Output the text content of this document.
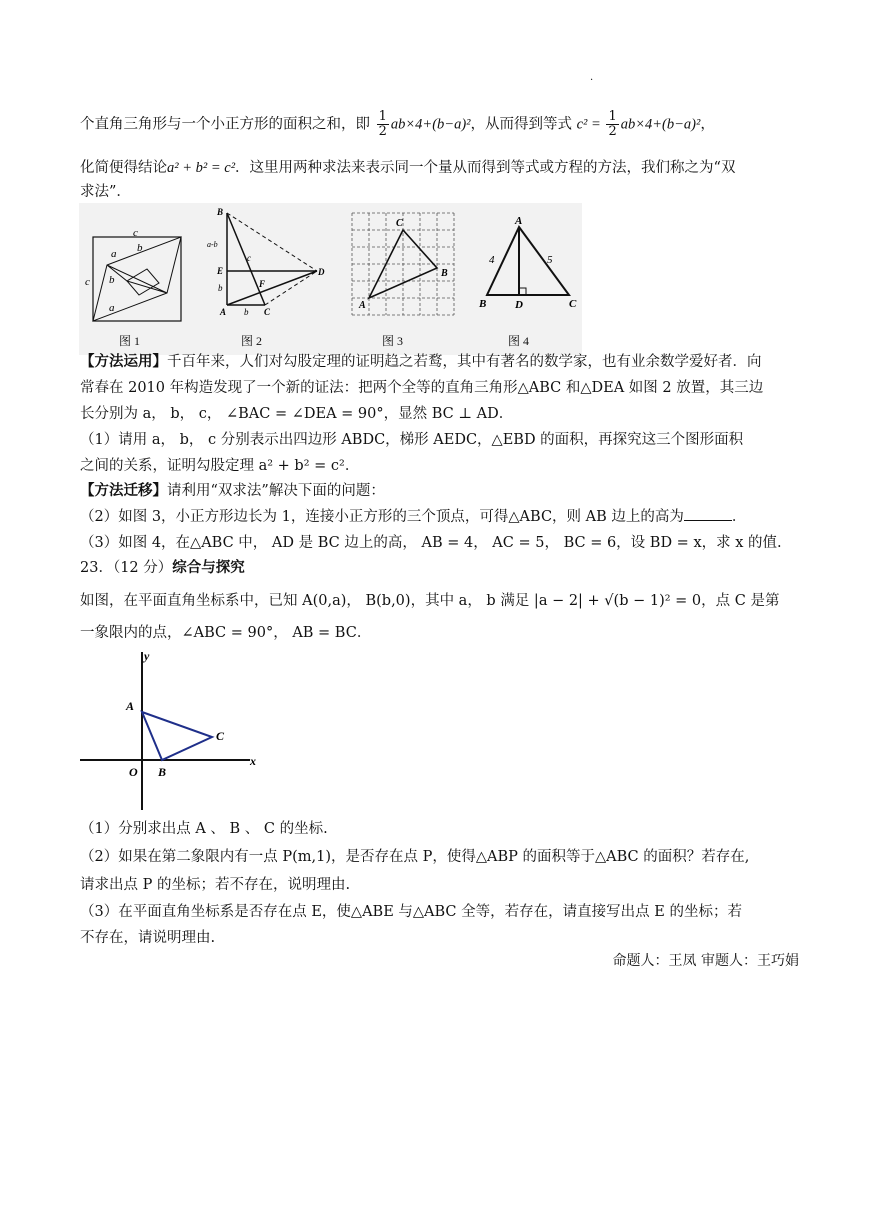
.
个直角三角形与一个小正方形的面积之和，即 $\frac{1}{2} ab\times 4+(b-a)^2$，从而得到等式 $c^2 = \frac{1}{2} ab\times 4+(b-a)^2$，
化简便得结论a² + b² = c²．这里用两种求法来表示同一个量从而得到等式或方程的方法，我们称之为“双
求法”．
c
a b
b
c
a
B
a-b
c
E
b	F
D
A b C
C
B
A
A
4	5
B	D	C
图 1	图 2	图 3	图 4
【方法运用】千百年来，人们对勾股定理的证明趋之若鹜，其中有著名的数学家，也有业余数学爱好者．向
常春在 2010 年构造发现了一个新的证法：把两个全等的直角三角形△ABC 和△DEA 如图 2 放置，其三边
长分别为 a， b， c， ∠BAC = ∠DEA = 90°，显然 BC ⊥ AD．
（1）请用 a， b， c 分别表示出四边形 ABDC，梯形 AEDC，△EBD 的面积，再探究这三个图形面积
之间的关系，证明勾股定理 a² + b² = c²．
【方法迁移】请利用“双求法”解决下面的问题：
（2）如图 3，小正方形边长为 1，连接小正方形的三个顶点，可得△ABC，则 AB 边上的高为	．
（3）如图 4，在△ABC 中， AD 是 BC 边上的高， AB = 4， AC = 5， BC = 6，设 BD = x，求 x 的值.
23．（12 分）综合与探究
如图，在平面直角坐标系中，已知 A(0,a)， B(b,0)，其中 a， b 满足 |a − 2| + √(b − 1)² = 0，点 C 是第
一象限内的点，∠ABC = 90°， AB = BC．
y
A
C
O B
x
（1）分别求出点 A 、 B 、 C 的坐标.
（2）如果在第二象限内有一点 P(m,1)，是否存在点 P，使得△ABP 的面积等于△ABC 的面积？若存在,
请求出点 P 的坐标；若不存在，说明理由.
（3）在平面直角坐标系是否存在点 E，使△ABE 与△ABC 全等，若存在，请直接写出点 E 的坐标；若
不存在，请说明理由.
命题人：王凤 审题人：王巧娟
